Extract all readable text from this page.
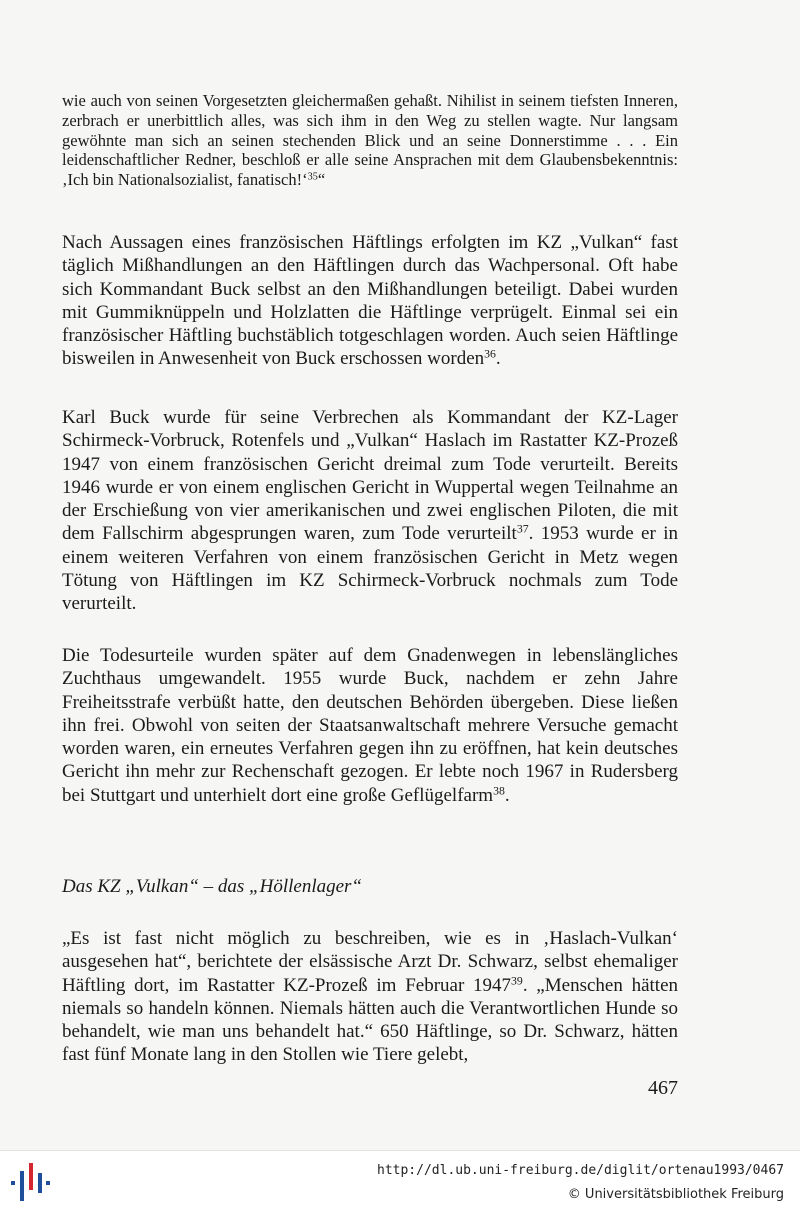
wie auch von seinen Vorgesetzten gleichermaßen gehaßt. Nihilist in seinem tiefsten Inneren, zerbrach er unerbittlich alles, was sich ihm in den Weg zu stellen wagte. Nur langsam gewöhnte man sich an seinen stechenden Blick und an seine Donnerstimme . . . Ein leidenschaftlicher Redner, beschloß er alle seine Ansprachen mit dem Glaubensbekenntnis: ‚Ich bin Nationalsozialist, fanatisch!‘$^{35}$“

Nach Aussagen eines französischen Häftlings erfolgten im KZ „Vulkan“ fast täglich Mißhandlungen an den Häftlingen durch das Wachpersonal. Oft habe sich Kommandant Buck selbst an den Mißhandlungen beteiligt. Dabei wurden mit Gummiknüppeln und Holzlatten die Häftlinge verprügelt. Einmal sei ein französischer Häftling buchstäblich totgeschlagen worden. Auch seien Häftlinge bisweilen in Anwesenheit von Buck erschossen worden$^{36}$.

Karl Buck wurde für seine Verbrechen als Kommandant der KZ-Lager Schirmeck-Vorbruck, Rotenfels und „Vulkan“ Haslach im Rastatter KZ-Prozeß 1947 von einem französischen Gericht dreimal zum Tode verurteilt. Bereits 1946 wurde er von einem englischen Gericht in Wuppertal wegen Teilnahme an der Erschießung von vier amerikanischen und zwei englischen Piloten, die mit dem Fallschirm abgesprungen waren, zum Tode verurteilt$^{37}$. 1953 wurde er in einem weiteren Verfahren von einem französischen Gericht in Metz wegen Tötung von Häftlingen im KZ Schirmeck-Vorbruck nochmals zum Tode verurteilt.

Die Todesurteile wurden später auf dem Gnadenwegen in lebenslängliches Zuchthaus umgewandelt. 1955 wurde Buck, nachdem er zehn Jahre Freiheitsstrafe verbüßt hatte, den deutschen Behörden übergeben. Diese ließen ihn frei. Obwohl von seiten der Staatsanwaltschaft mehrere Versuche gemacht worden waren, ein erneutes Verfahren gegen ihn zu eröffnen, hat kein deutsches Gericht ihn mehr zur Rechenschaft gezogen. Er lebte noch 1967 in Rudersberg bei Stuttgart und unterhielt dort eine große Geflügelfarm$^{38}$.

Das KZ „Vulkan“ – das „Höllenlager“

„Es ist fast nicht möglich zu beschreiben, wie es in ‚Haslach-Vulkan‘ ausgesehen hat“, berichtete der elsässische Arzt Dr. Schwarz, selbst ehemaliger Häftling dort, im Rastatter KZ-Prozeß im Februar 1947$^{39}$. „Menschen hätten niemals so handeln können. Niemals hätten auch die Verantwortlichen Hunde so behandelt, wie man uns behandelt hat.“ 650 Häftlinge, so Dr. Schwarz, hätten fast fünf Monate lang in den Stollen wie Tiere gelebt,

467
http://dl.ub.uni-freiburg.de/diglit/ortenau1993/0467
© Universitätsbibliothek Freiburg
